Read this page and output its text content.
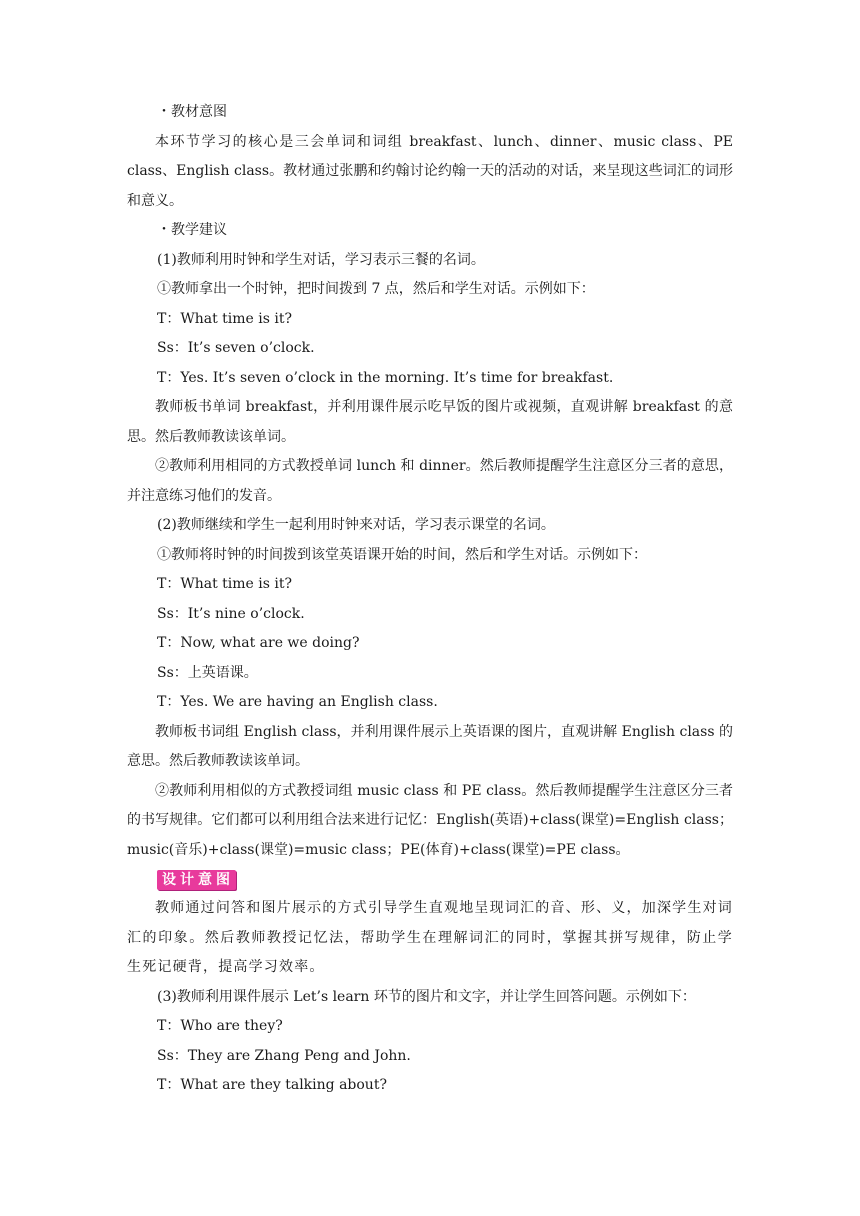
・教材意图

本环节学习的核心是三会单词和词组 breakfast、lunch、dinner、music class、PE class、English class。教材通过张鹏和约翰讨论约翰一天的活动的对话，来呈现这些词汇的词形和意义。

・教学建议

(1)教师利用时钟和学生对话，学习表示三餐的名词。

①教师拿出一个时钟，把时间拨到 7 点，然后和学生对话。示例如下：

T：What time is it?

Ss：It’s seven o’clock.

T：Yes. It’s seven o’clock in the morning. It’s time for breakfast.

教师板书单词 breakfast，并利用课件展示吃早饭的图片或视频，直观讲解 breakfast 的意思。然后教师教读该单词。

②教师利用相同的方式教授单词 lunch 和 dinner。然后教师提醒学生注意区分三者的意思，并注意练习他们的发音。

(2)教师继续和学生一起利用时钟来对话，学习表示课堂的名词。

①教师将时钟的时间拨到该堂英语课开始的时间，然后和学生对话。示例如下：

T：What time is it?

Ss：It’s nine o’clock.

T：Now, what are we doing?

Ss：上英语课。

T：Yes. We are having an English class.

教师板书词组 English class，并利用课件展示上英语课的图片，直观讲解 English class 的意思。然后教师教读该单词。

②教师利用相似的方式教授词组 music class 和 PE class。然后教师提醒学生注意区分三者的书写规律。它们都可以利用组合法来进行记忆：English(英语)+class(课堂)=English class；music(音乐)+class(课堂)=music class；PE(体育)+class(课堂)=PE class。

设计意图

教师通过问答和图片展示的方式引导学生直观地呈现词汇的音、形、义，加深学生对词汇的印象。然后教师教授记忆法，帮助学生在理解词汇的同时，掌握其拼写规律，防止学生死记硬背，提高学习效率。

(3)教师利用课件展示 Let’s learn 环节的图片和文字，并让学生回答问题。示例如下：

T：Who are they?

Ss：They are Zhang Peng and John.

T：What are they talking about?
